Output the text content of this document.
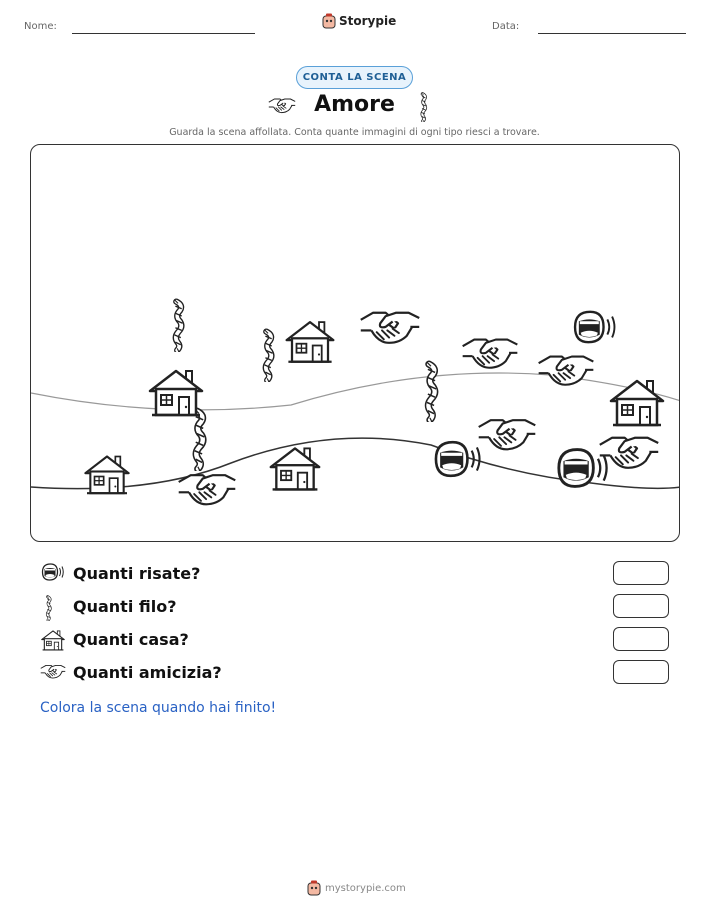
Nome:	Storypie	Data:
CONTA LA SCENA
Amore
Guarda la scena affollata. Conta quante immagini di ogni tipo riesci a trovare.
Quanti risate?
Quanti filo?
Quanti casa?
Quanti amicizia?
Colora la scena quando hai finito!
mystorypie.com
